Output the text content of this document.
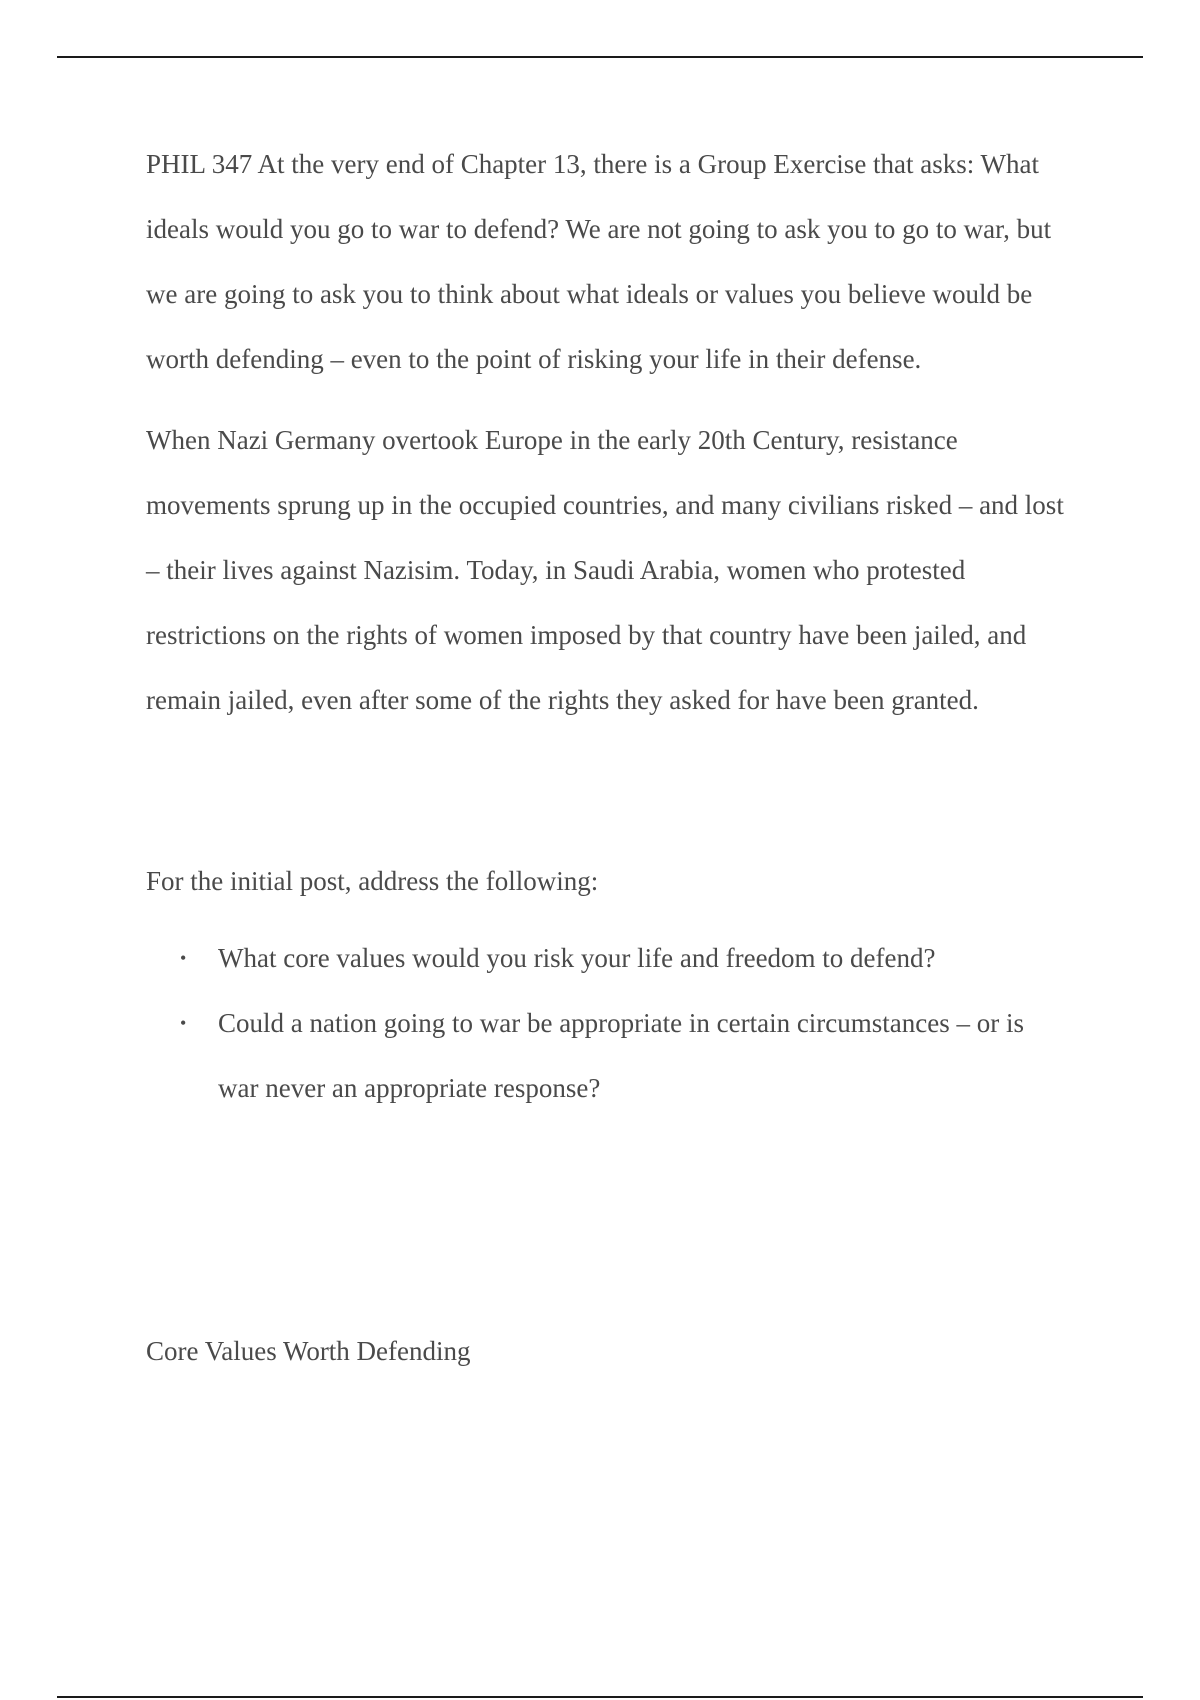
PHIL 347 At the very end of Chapter 13, there is a Group Exercise that asks: What ideals would you go to war to defend? We are not going to ask you to go to war, but we are going to ask you to think about what ideals or values you believe would be worth defending – even to the point of risking your life in their defense.

When Nazi Germany overtook Europe in the early 20th Century, resistance movements sprung up in the occupied countries, and many civilians risked – and lost – their lives against Nazisim. Today, in Saudi Arabia, women who protested restrictions on the rights of women imposed by that country have been jailed, and remain jailed, even after some of the rights they asked for have been granted.

For the initial post, address the following:

• What core values would you risk your life and freedom to defend?
• Could a nation going to war be appropriate in certain circumstances – or is war never an appropriate response?

Core Values Worth Defending
